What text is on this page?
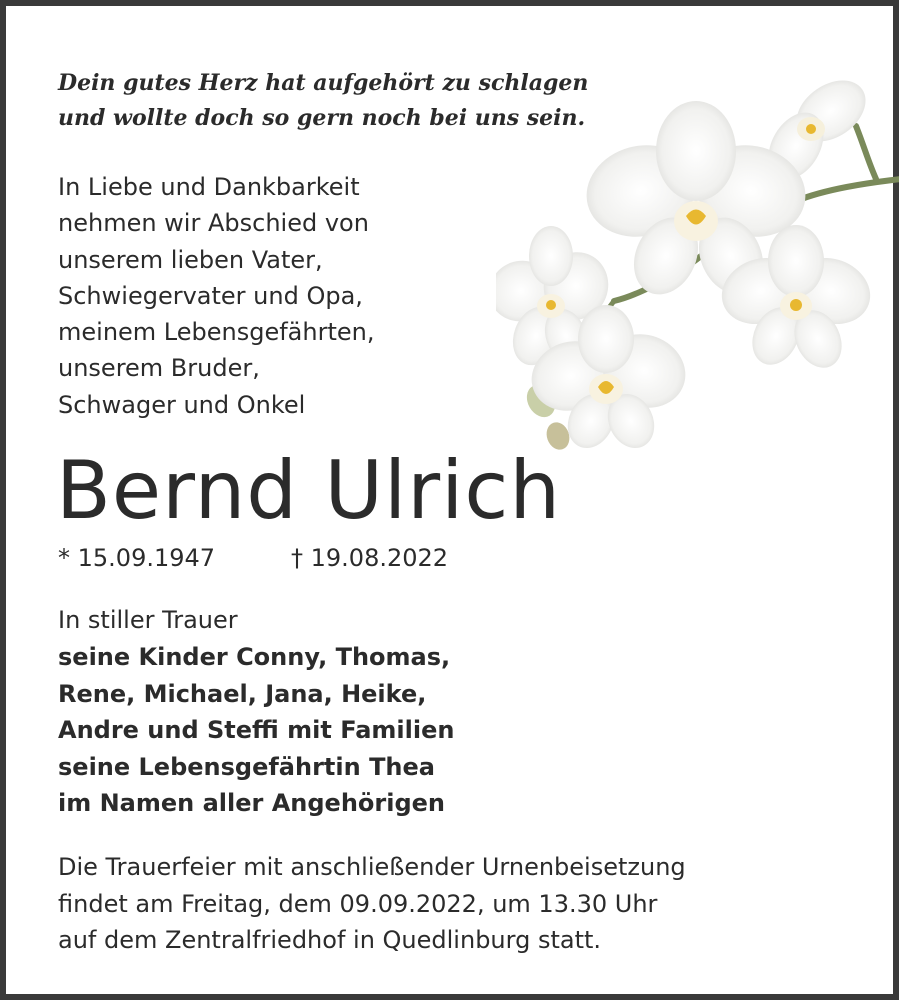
Dein gutes Herz hat aufgehört zu schlagen
und wollte doch so gern noch bei uns sein.
In Liebe und Dankbarkeit
nehmen wir Abschied von
unserem lieben Vater,
Schwiegervater und Opa,
meinem Lebensgefährten,
unserem Bruder,
Schwager und Onkel
Bernd Ulrich
* 15.09.1947	† 19.08.2022
In stiller Trauer
seine Kinder Conny, Thomas,
Rene, Michael, Jana, Heike,
Andre und Steffi mit Familien
seine Lebensgefährtin Thea
im Namen aller Angehörigen
Die Trauerfeier mit anschließender Urnenbeisetzung
findet am Freitag, dem 09.09.2022, um 13.30 Uhr
auf dem Zentralfriedhof in Quedlinburg statt.
